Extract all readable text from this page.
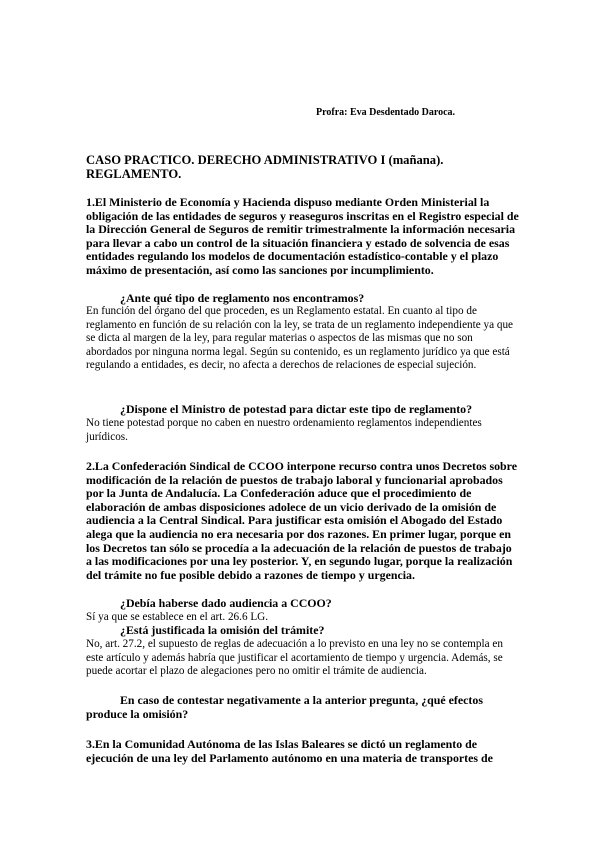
Profra: Eva Desdentado Daroca.
CASO PRACTICO. DERECHO ADMINISTRATIVO I (mañana).
REGLAMENTO.
1.El Ministerio de Economía y Hacienda dispuso mediante Orden Ministerial la obligación de las entidades de seguros y reaseguros inscritas en el Registro especial de la Dirección General de Seguros de remitir trimestralmente la información necesaria para llevar a cabo un control de la situación financiera y estado de solvencia de esas entidades regulando los modelos de documentación estadístico-contable y el plazo máximo de presentación, así como las sanciones por incumplimiento.
¿Ante qué tipo de reglamento nos encontramos?
En función del órgano del que proceden, es un Reglamento estatal. En cuanto al tipo de reglamento en función de su relación con la ley, se trata de un reglamento independiente ya que se dicta al margen de la ley, para regular materias o aspectos de las mismas que no son abordados por ninguna norma legal. Según su contenido, es un reglamento jurídico ya que está regulando a entidades, es decir, no afecta a derechos de relaciones de especial sujeción.
¿Dispone el Ministro de potestad para dictar este tipo de reglamento?
No tiene potestad porque no caben en nuestro ordenamiento reglamentos independientes jurídicos.
2.La Confederación Sindical de CCOO interpone recurso contra unos Decretos sobre modificación de la relación de puestos de trabajo laboral y funcionarial aprobados por la Junta de Andalucía. La Confederación aduce que el procedimiento de elaboración de ambas disposiciones adolece de un vicio derivado de la omisión de audiencia a la Central Sindical. Para justificar esta omisión el Abogado del Estado alega que la audiencia no era necesaria por dos razones. En primer lugar, porque en los Decretos tan sólo se procedía a la adecuación de la relación de puestos de trabajo a las modificaciones por una ley posterior. Y, en segundo lugar, porque la realización del trámite no fue posible debido a razones de tiempo y urgencia.
¿Debía haberse dado audiencia a CCOO?
Sí ya que se establece en el art. 26.6 LG.
¿Está justificada la omisión del trámite?
No, art. 27.2, el supuesto de reglas de adecuación a lo previsto en una ley no se contempla en este artículo y además habría que justificar el acortamiento de tiempo y urgencia. Además, se puede acortar el plazo de alegaciones pero no omitir el trámite de audiencia.
En caso de contestar negativamente a la anterior pregunta, ¿qué efectos produce la omisión?
3.En la Comunidad Autónoma de las Islas Baleares se dictó un reglamento de ejecución de una ley del Parlamento autónomo en una materia de transportes de
